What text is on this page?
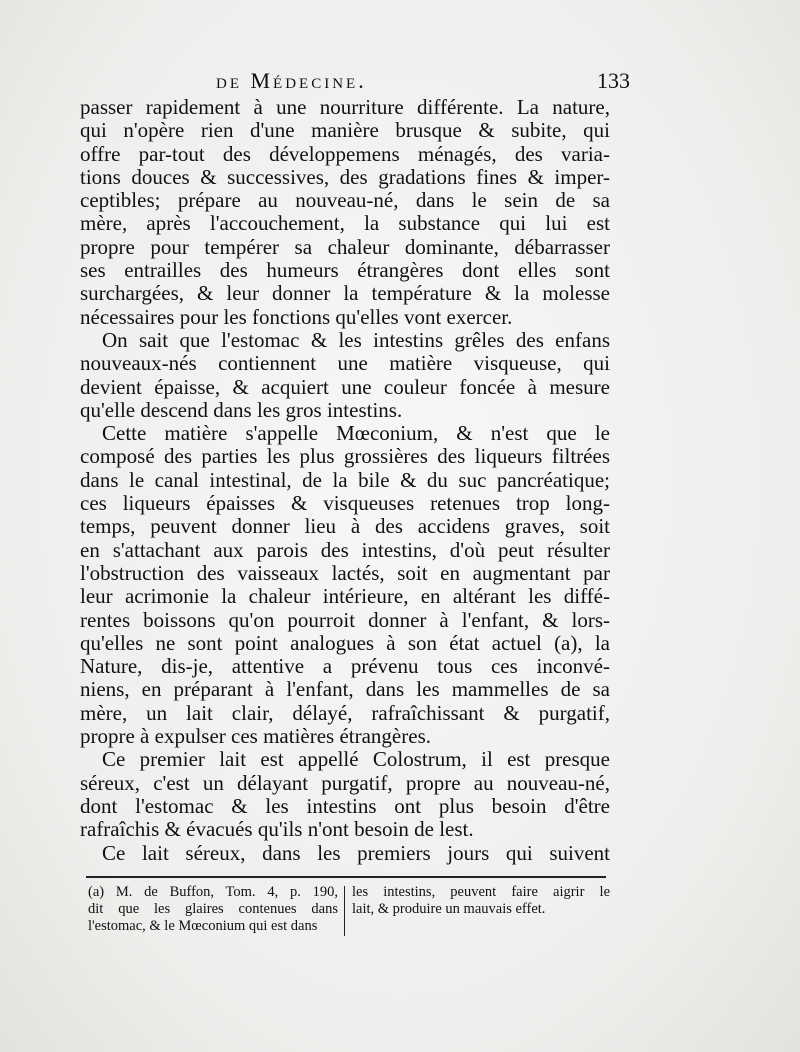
de Médecine.	133
passer rapidement à une nourriture différente. La nature,
qui n'opère rien d'une manière brusque & subite, qui
offre par-tout des développemens ménagés, des varia-
tions douces & successives, des gradations fines & imper-
ceptibles; prépare au nouveau-né, dans le sein de sa
mère, après l'accouchement, la substance qui lui est
propre pour tempérer sa chaleur dominante, débarrasser
ses entrailles des humeurs étrangères dont elles sont
surchargées, & leur donner la température & la molesse
nécessaires pour les fonctions qu'elles vont exercer.
On sait que l'estomac & les intestins grêles des enfans
nouveaux-nés contiennent une matière visqueuse, qui
devient épaisse, & acquiert une couleur foncée à mesure
qu'elle descend dans les gros intestins.
Cette matière s'appelle Mœconium, & n'est que le
composé des parties les plus grossières des liqueurs filtrées
dans le canal intestinal, de la bile & du suc pancréatique;
ces liqueurs épaisses & visqueuses retenues trop long-
temps, peuvent donner lieu à des accidens graves, soit
en s'attachant aux parois des intestins, d'où peut résulter
l'obstruction des vaisseaux lactés, soit en augmentant par
leur acrimonie la chaleur intérieure, en altérant les diffé-
rentes boissons qu'on pourroit donner à l'enfant, & lors-
qu'elles ne sont point analogues à son état actuel (a), la
Nature, dis-je, attentive a prévenu tous ces inconvé-
niens, en préparant à l'enfant, dans les mammelles de sa
mère, un lait clair, délayé, rafraîchissant & purgatif,
propre à expulser ces matières étrangères.
Ce premier lait est appellé Colostrum, il est presque
séreux, c'est un délayant purgatif, propre au nouveau-né,
dont l'estomac & les intestins ont plus besoin d'être
rafraîchis & évacués qu'ils n'ont besoin de lest.
Ce lait séreux, dans les premiers jours qui suivent
(a) M. de Buffon, Tom. 4, p. 190,
dit que les glaires contenues dans
l'estomac, & le Mœconium qui est dans
les intestins, peuvent faire aigrir le
lait, & produire un mauvais effet.
